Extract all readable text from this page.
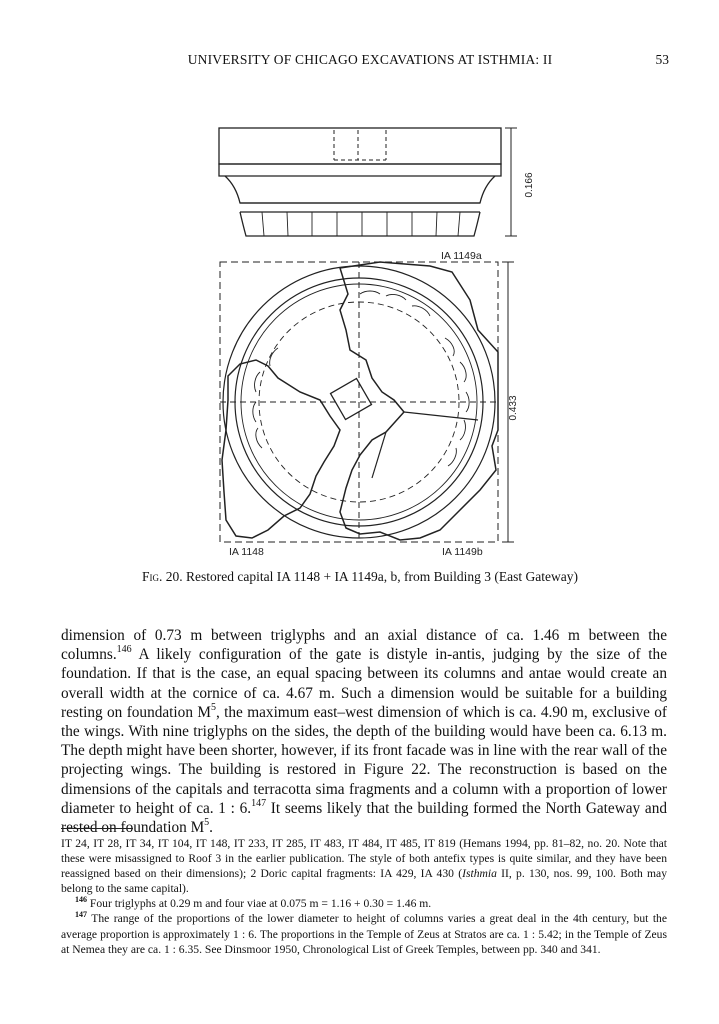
UNIVERSITY OF CHICAGO EXCAVATIONS AT ISTHMIA: II	53
0.166
0.433
IA 1149a
IA 1148	IA 1149b
Fig. 20. Restored capital IA 1148 + IA 1149a, b, from Building 3 (East Gateway)

dimension of 0.73 m between triglyphs and an axial distance of ca. 1.46 m between the columns.$^{146}$ A likely configuration of the gate is distyle in-antis, judging by the size of the foundation. If that is the case, an equal spacing between its columns and antae would create an overall width at the cornice of ca. 4.67 m. Such a dimension would be suitable for a building resting on foundation $M^5$, the maximum east–west dimension of which is ca. 4.90 m, exclusive of the wings. With nine triglyphs on the sides, the depth of the building would have been ca. 6.13 m. The depth might have been shorter, however, if its front facade was in line with the rear wall of the projecting wings. The building is restored in Figure 22. The reconstruction is based on the dimensions of the capitals and terracotta sima fragments and a column with a proportion of lower diameter to height of ca. 1 : 6.$^{147}$ It seems likely that the building formed the North Gateway and rested on foundation $M^5$.

IT 24, IT 28, IT 34, IT 104, IT 148, IT 233, IT 285, IT 483, IT 484, IT 485, IT 819 (Hemans 1994, pp. 81–82, no. 20. Note that these were misassigned to Roof 3 in the earlier publication. The style of both antefix types is quite similar, and they have been reassigned based on their dimensions); 2 Doric capital fragments: IA 429, IA 430 (Isthmia II, p. 130, nos. 99, 100. Both may belong to the same capital).

$^{146}$ Four triglyphs at 0.29 m and four viae at 0.075 m = 1.16 + 0.30 = 1.46 m.

$^{147}$ The range of the proportions of the lower diameter to height of columns varies a great deal in the 4th century, but the average proportion is approximately 1 : 6. The proportions in the Temple of Zeus at Stratos are ca. 1 : 5.42; in the Temple of Zeus at Nemea they are ca. 1 : 6.35. See Dinsmoor 1950, Chronological List of Greek Temples, between pp. 340 and 341.
